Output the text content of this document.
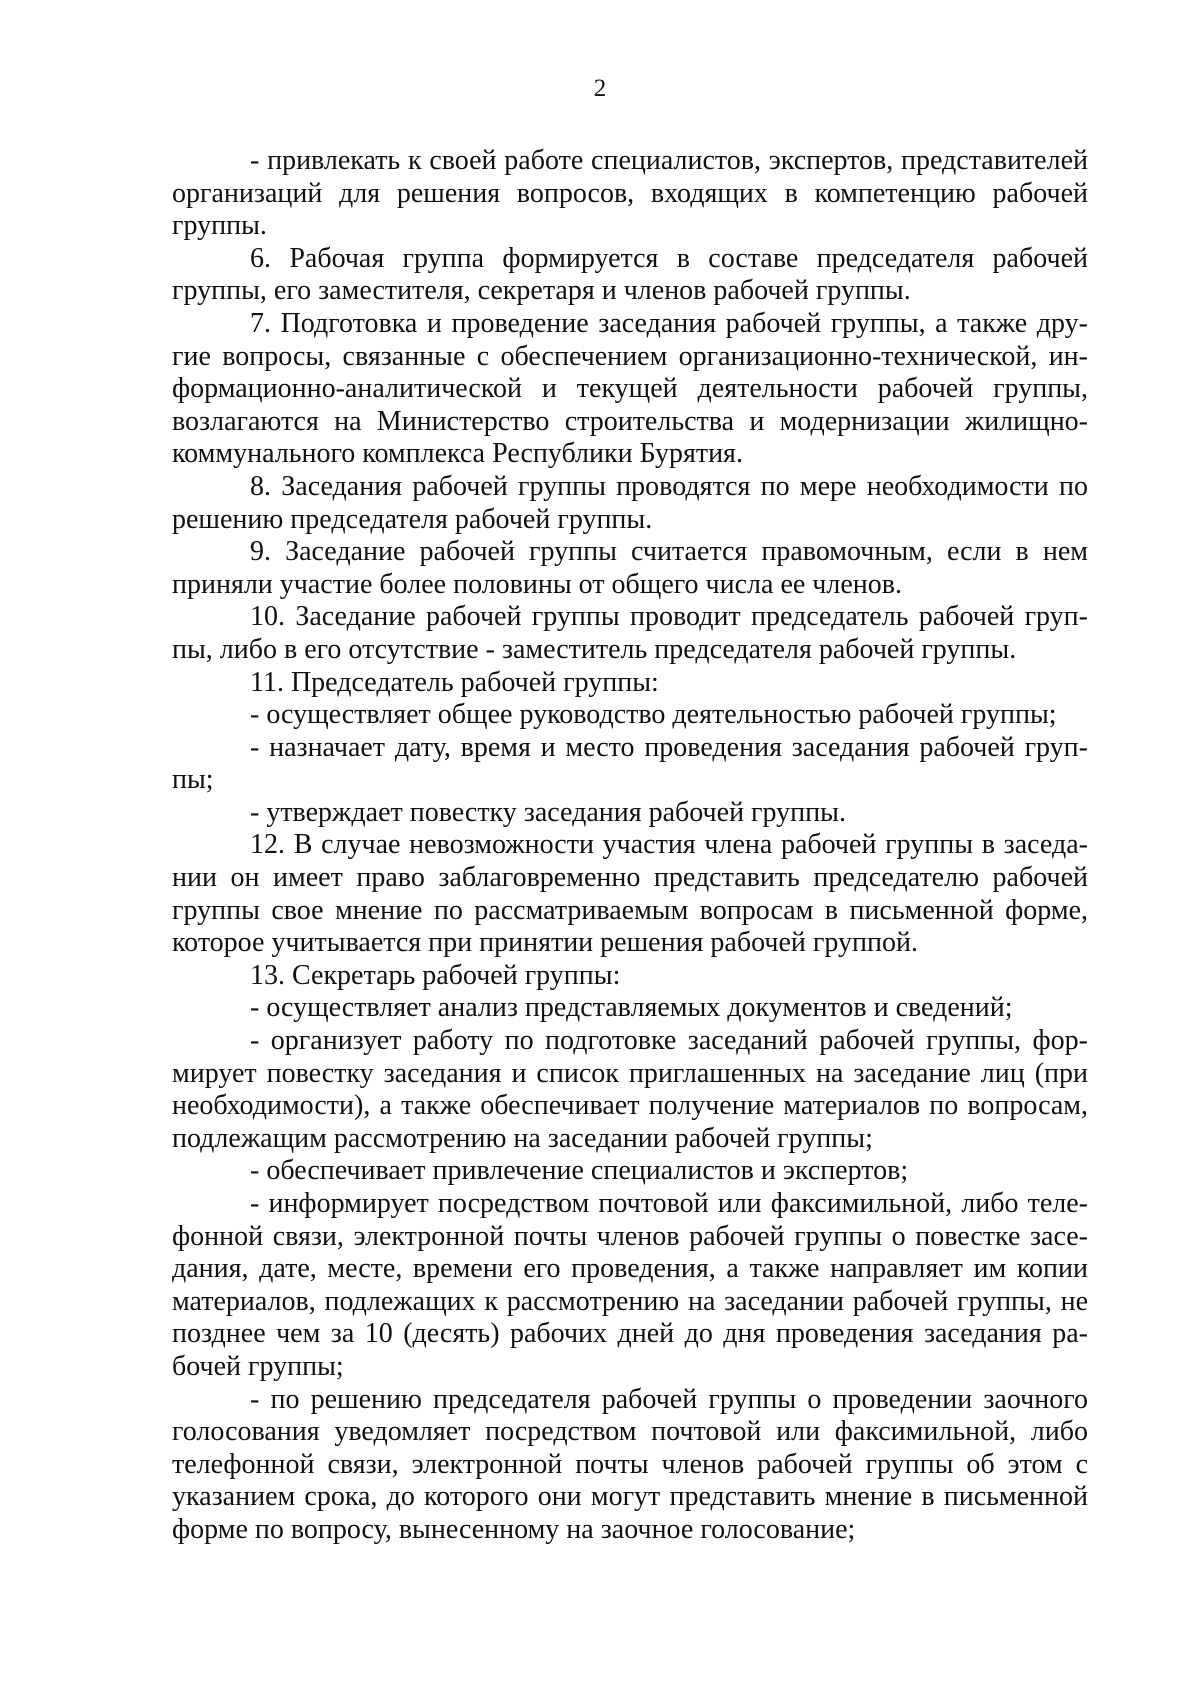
2

- привлекать к своей работе специалистов, экспертов, представителей организаций для решения вопросов, входящих в компетенцию рабочей группы.

6. Рабочая группа формируется в составе председателя рабочей группы, его заместителя, секретаря и членов рабочей группы.

7. Подготовка и проведение заседания рабочей группы, а также другие вопросы, связанные с обеспечением организационно-технической, информационно-аналитической и текущей деятельности рабочей группы, возлагаются на Министерство строительства и модернизации жилищно-коммунального комплекса Республики Бурятия.

8. Заседания рабочей группы проводятся по мере необходимости по решению председателя рабочей группы.

9. Заседание рабочей группы считается правомочным, если в нем приняли участие более половины от общего числа ее членов.

10. Заседание рабочей группы проводит председатель рабочей группы, либо в его отсутствие - заместитель председателя рабочей группы.

11. Председатель рабочей группы:

- осуществляет общее руководство деятельностью рабочей группы;

- назначает дату, время и место проведения заседания рабочей группы;

- утверждает повестку заседания рабочей группы.

12. В случае невозможности участия члена рабочей группы в заседании он имеет право заблаговременно представить председателю рабочей группы свое мнение по рассматриваемым вопросам в письменной форме, которое учитывается при принятии решения рабочей группой.

13. Секретарь рабочей группы:

- осуществляет анализ представляемых документов и сведений;

- организует работу по подготовке заседаний рабочей группы, формирует повестку заседания и список приглашенных на заседание лиц (при необходимости), а также обеспечивает получение материалов по вопросам, подлежащим рассмотрению на заседании рабочей группы;

- обеспечивает привлечение специалистов и экспертов;

- информирует посредством почтовой или факсимильной, либо телефонной связи, электронной почты членов рабочей группы о повестке заседания, дате, месте, времени его проведения, а также направляет им копии материалов, подлежащих к рассмотрению на заседании рабочей группы, не позднее чем за 10 (десять) рабочих дней до дня проведения заседания рабочей группы;

- по решению председателя рабочей группы о проведении заочного голосования уведомляет посредством почтовой или факсимильной, либо телефонной связи, электронной почты членов рабочей группы об этом с указанием срока, до которого они могут представить мнение в письменной форме по вопросу, вынесенному на заочное голосование;
